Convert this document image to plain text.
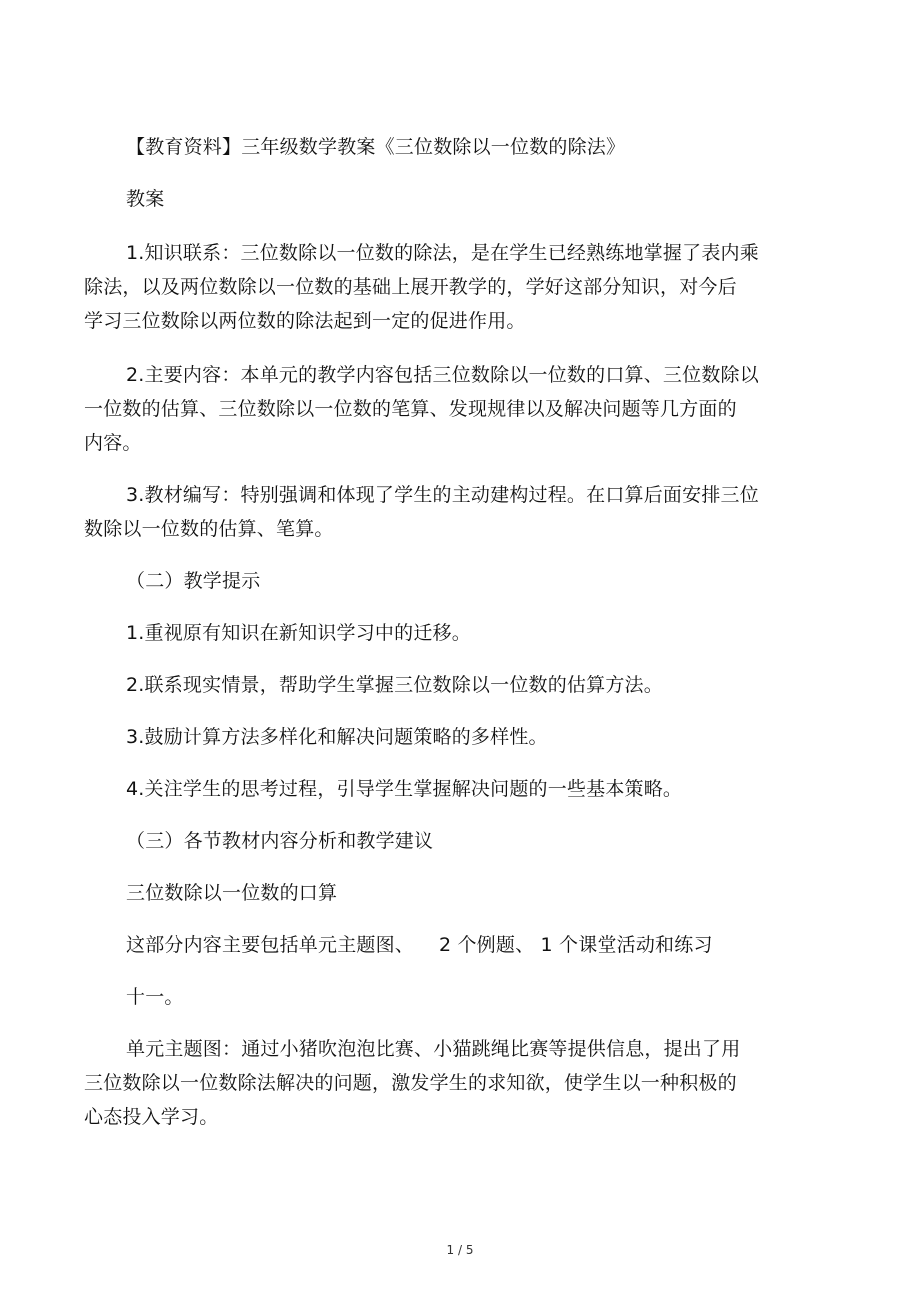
【教育资料】三年级数学教案《三位数除以一位数的除法》
教案
1.知识联系：三位数除以一位数的除法，是在学生已经熟练地掌握了表内乘
除法，以及两位数除以一位数的基础上展开教学的，学好这部分知识，对今后
学习三位数除以两位数的除法起到一定的促进作用。
2.主要内容：本单元的教学内容包括三位数除以一位数的口算、三位数除以
一位数的估算、三位数除以一位数的笔算、发现规律以及解决问题等几方面的
内容。
3.教材编写：特别强调和体现了学生的主动建构过程。在口算后面安排三位
数除以一位数的估算、笔算。
（二）教学提示
1.重视原有知识在新知识学习中的迁移。
2.联系现实情景，帮助学生掌握三位数除以一位数的估算方法。
3.鼓励计算方法多样化和解决问题策略的多样性。
4.关注学生的思考过程，引导学生掌握解决问题的一些基本策略。
（三）各节教材内容分析和教学建议
三位数除以一位数的口算
这部分内容主要包括单元主题图、    2 个例题、 1 个课堂活动和练习
十一。
单元主题图：通过小猪吹泡泡比赛、小猫跳绳比赛等提供信息，提出了用
三位数除以一位数除法解决的问题，激发学生的求知欲，使学生以一种积极的
心态投入学习。
1 / 5
